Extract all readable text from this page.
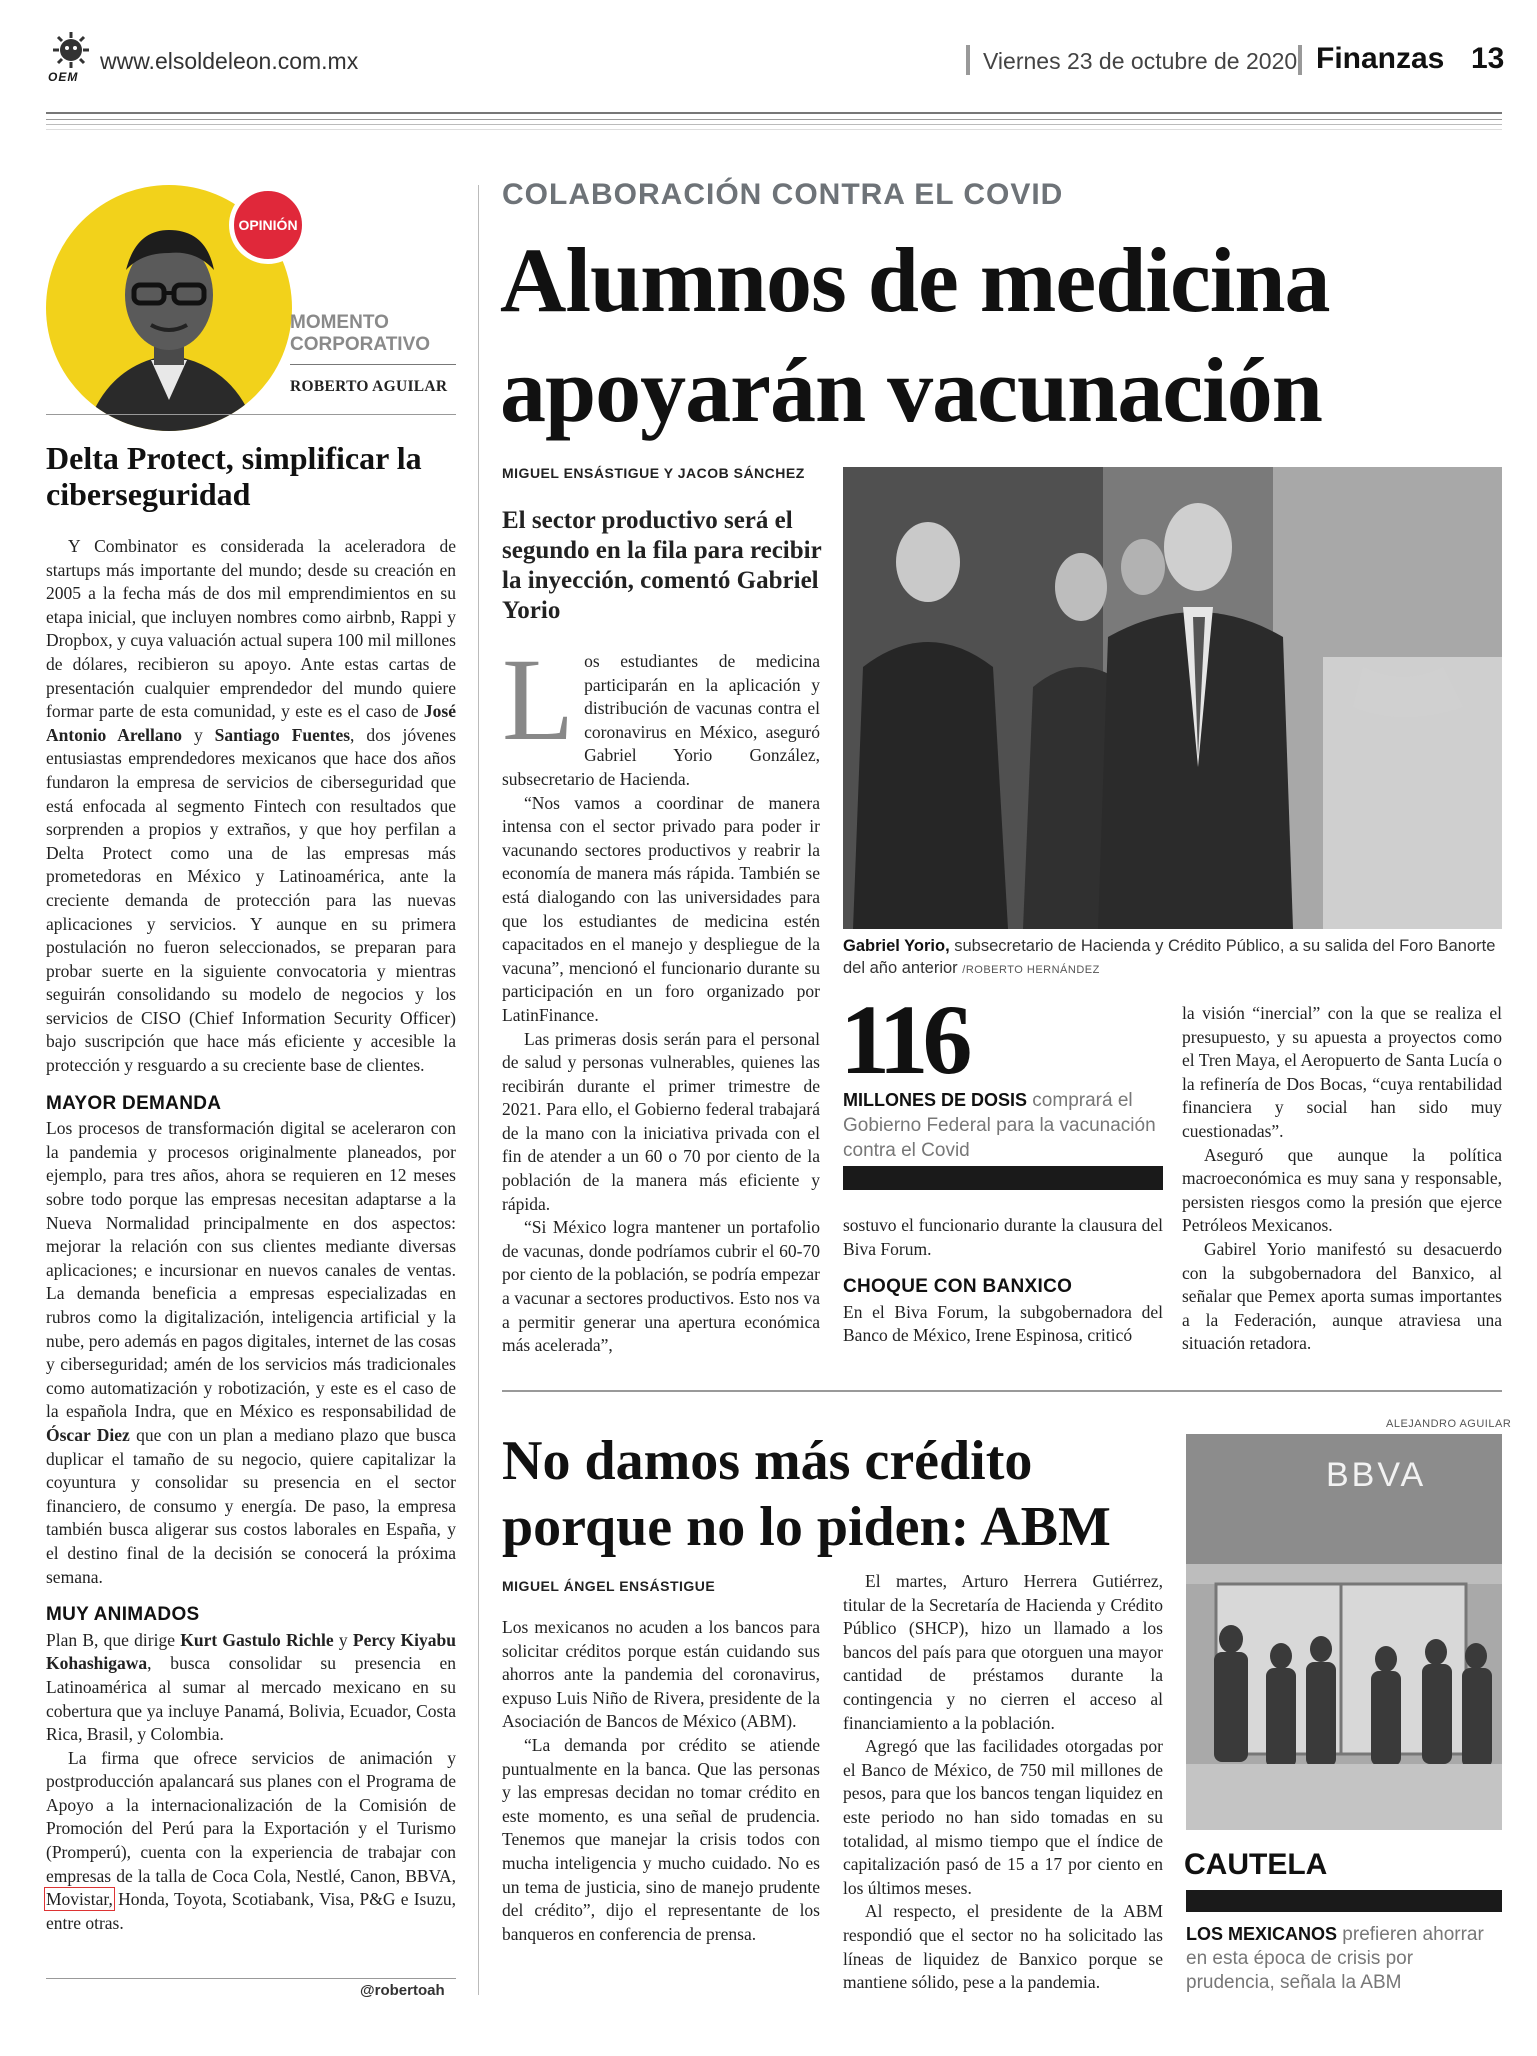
OEM
www.elsoldeleon.com.mx	Viernes 23 de octubre de 2020 Finanzas 13
OPINIÓN
MOMENTO
CORPORATIVO
ROBERTO AGUILAR
Delta Protect, simplificar la ciberseguridad

Y Combinator es considerada la aceleradora de startups más importante del mundo; desde su creación en 2005 a la fecha más de dos mil emprendimientos en su etapa inicial, que incluyen nombres como airbnb, Rappi y Dropbox, y cuya valuación actual supera 100 mil millones de dólares, recibieron su apoyo. Ante estas cartas de presentación cualquier emprendedor del mundo quiere formar parte de esta comunidad, y este es el caso de José Antonio Arellano y Santiago Fuentes, dos jóvenes entusiastas emprendedores mexicanos que hace dos años fundaron la empresa de servicios de ciberseguridad que está enfocada al segmento Fintech con resultados que sorprenden a propios y extraños, y que hoy perfilan a Delta Protect como una de las empresas más prometedoras en México y Latinoamérica, ante la creciente demanda de protección para las nuevas aplicaciones y servicios. Y aunque en su primera postulación no fueron seleccionados, se preparan para probar suerte en la siguiente convocatoria y mientras seguirán consolidando su modelo de negocios y los servicios de CISO (Chief Information Security Officer) bajo suscripción que hace más eficiente y accesible la protección y resguardo a su creciente base de clientes.

MAYOR DEMANDA

Los procesos de transformación digital se aceleraron con la pandemia y procesos originalmente planeados, por ejemplo, para tres años, ahora se requieren en 12 meses sobre todo porque las empresas necesitan adaptarse a la Nueva Normalidad principalmente en dos aspectos: mejorar la relación con sus clientes mediante diversas aplicaciones; e incursionar en nuevos canales de ventas. La demanda beneficia a empresas especializadas en rubros como la digitalización, inteligencia artificial y la nube, pero además en pagos digitales, internet de las cosas y ciberseguridad; amén de los servicios más tradicionales como automatización y robotización, y este es el caso de la española Indra, que en México es responsabilidad de Óscar Diez que con un plan a mediano plazo que busca duplicar el tamaño de su negocio, quiere capitalizar la coyuntura y consolidar su presencia en el sector financiero, de consumo y energía. De paso, la empresa también busca aligerar sus costos laborales en España, y el destino final de la decisión se conocerá la próxima semana.

MUY ANIMADOS

Plan B, que dirige Kurt Gastulo Richle y Percy Kiyabu Kohashigawa, busca consolidar su presencia en Latinoamérica al sumar al mercado mexicano en su cobertura que ya incluye Panamá, Bolivia, Ecuador, Costa Rica, Brasil, y Colombia.

La firma que ofrece servicios de animación y postproducción apalancará sus planes con el Programa de Apoyo a la internacionalización de la Comisión de Promoción del Perú para la Exportación y el Turismo (Promperú), cuenta con la experiencia de trabajar con empresas de la talla de Coca Cola, Nestlé, Canon, BBVA, Movistar, Honda, Toyota, Scotiabank, Visa, P&G e Isuzu, entre otras.

@robertoah
COLABORACIÓN CONTRA EL COVID
Alumnos de medicina
apoyarán vacunación
MIGUEL ENSÁSTIGUE Y JACOB SÁNCHEZ
El sector productivo será el segundo en la fila para recibir la inyección, comentó Gabriel Yorio
L os estudiantes de medicina participarán en la aplicación y distribución de vacunas contra el coronavirus en México, aseguró Gabriel Yorio González, subsecretario de Hacienda.

“Nos vamos a coordinar de manera intensa con el sector privado para poder ir vacunando sectores productivos y reabrir la economía de manera más rápida. También se está dialogando con las universidades para que los estudiantes de medicina estén capacitados en el manejo y despliegue de la vacuna”, mencionó el funcionario durante su participación en un foro organizado por LatinFinance.

Las primeras dosis serán para el personal de salud y personas vulnerables, quienes las recibirán durante el primer trimestre de 2021. Para ello, el Gobierno federal trabajará de la mano con la iniciativa privada con el fin de atender a un 60 o 70 por ciento de la población de la manera más eficiente y rápida.

“Si México logra mantener un portafolio de vacunas, donde podríamos cubrir el 60-70 por ciento de la población, se podría empezar a vacunar a sectores productivos. Esto nos va a permitir generar una apertura económica más acelerada”,

Gabriel Yorio, subsecretario de Hacienda y Crédito Público, a su salida del Foro Banorte del año anterior /ROBERTO HERNÁNDEZ
116
MILLONES DE DOSIS comprará el Gobierno Federal para la vacunación contra el Covid

sostuvo el funcionario durante la clausura del Biva Forum.

CHOQUE CON BANXICO

En el Biva Forum, la subgobernadora del Banco de México, Irene Espinosa, criticó

la visión “inercial” con la que se realiza el presupuesto, y su apuesta a proyectos como el Tren Maya, el Aeropuerto de Santa Lucía o la refinería de Dos Bocas, “cuya rentabilidad financiera y social han sido muy cuestionadas”.

Aseguró que aunque la política macroeconómica es muy sana y responsable, persisten riesgos como la presión que ejerce Petróleos Mexicanos.

Gabirel Yorio manifestó su desacuerdo con la subgobernadora del Banxico, al señalar que Pemex aporta sumas importantes a la Federación, aunque atraviesa una situación retadora.

No damos más crédito
porque no lo piden: ABM
MIGUEL ÁNGEL ENSÁSTIGUE

Los mexicanos no acuden a los bancos para solicitar créditos porque están cuidando sus ahorros ante la pandemia del coronavirus, expuso Luis Niño de Rivera, presidente de la Asociación de Bancos de México (ABM).

“La demanda por crédito se atiende puntualmente en la banca. Que las personas y las empresas decidan no tomar crédito en este momento, es una señal de prudencia. Tenemos que manejar la crisis todos con mucha inteligencia y mucho cuidado. No es un tema de justicia, sino de manejo prudente del crédito”, dijo el representante de los banqueros en conferencia de prensa.

El martes, Arturo Herrera Gutiérrez, titular de la Secretaría de Hacienda y Crédito Público (SHCP), hizo un llamado a los bancos del país para que otorguen una mayor cantidad de préstamos durante la contingencia y no cierren el acceso al financiamiento a la población.

Agregó que las facilidades otorgadas por el Banco de México, de 750 mil millones de pesos, para que los bancos tengan liquidez en este periodo no han sido tomadas en su totalidad, al mismo tiempo que el índice de capitalización pasó de 15 a 17 por ciento en los últimos meses.

Al respecto, el presidente de la ABM respondió que el sector no ha solicitado las líneas de liquidez de Banxico porque se mantiene sólido, pese a la pandemia.

ALEJANDRO AGUILAR
BBVA
CAUTELA
LOS MEXICANOS prefieren ahorrar en esta época de crisis por prudencia, señala la ABM
